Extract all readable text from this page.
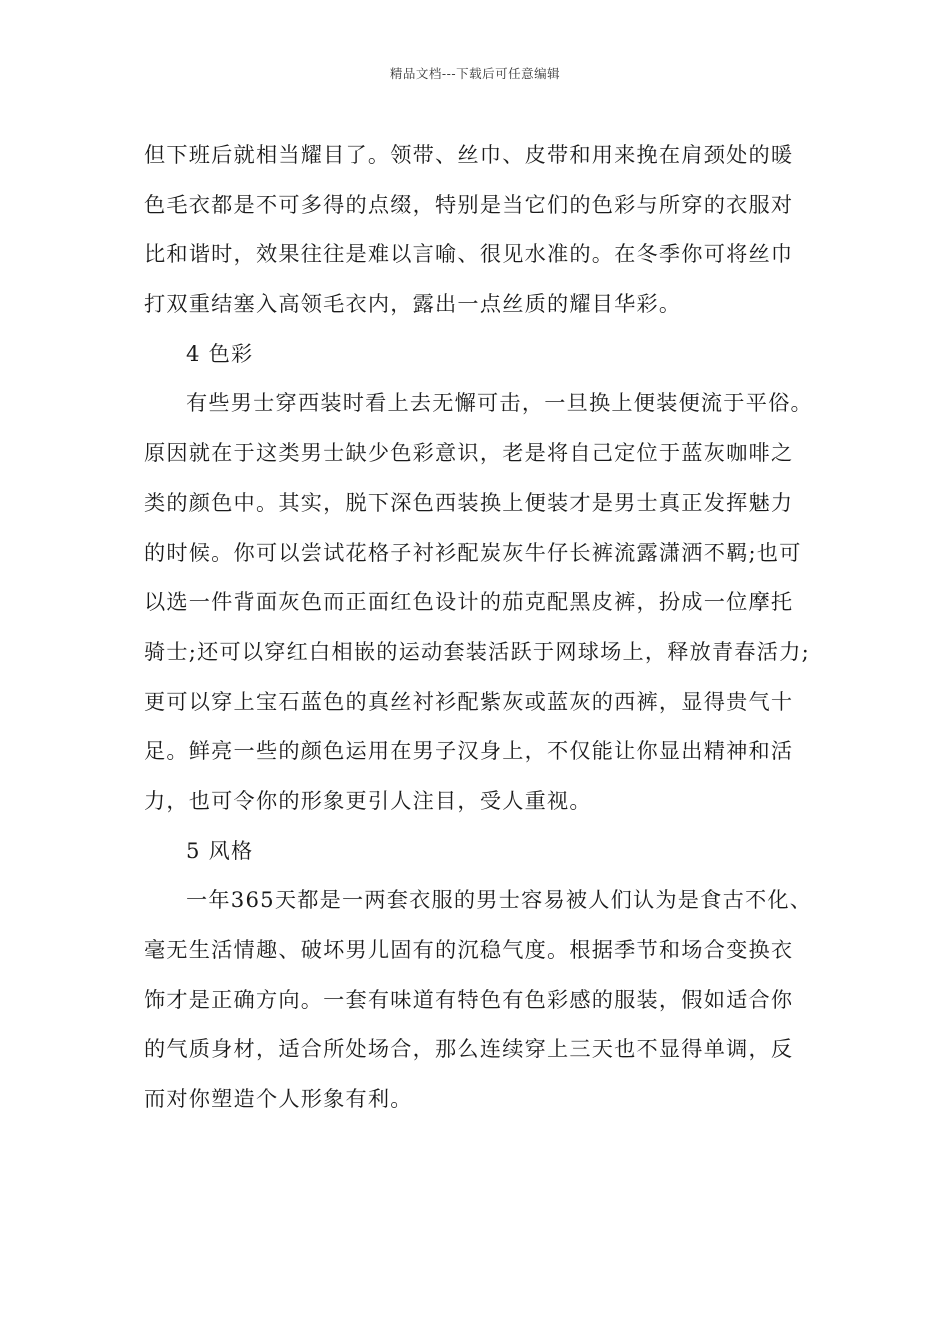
精品文档---下载后可任意编辑
但下班后就相当耀目了。领带、丝巾、皮带和用来挽在肩颈处的暖
色毛衣都是不可多得的点缀，特别是当它们的色彩与所穿的衣服对
比和谐时，效果往往是难以言喻、很见水准的。在冬季你可将丝巾
打双重结塞入高领毛衣内，露出一点丝质的耀目华彩。
4 色彩
有些男士穿西装时看上去无懈可击，一旦换上便装便流于平俗。
原因就在于这类男士缺少色彩意识，老是将自己定位于蓝灰咖啡之
类的颜色中。其实，脱下深色西装换上便装才是男士真正发挥魅力
的时候。你可以尝试花格子衬衫配炭灰牛仔长裤流露潇洒不羁;也可
以选一件背面灰色而正面红色设计的茄克配黑皮裤，扮成一位摩托
骑士;还可以穿红白相嵌的运动套装活跃于网球场上，释放青春活力;
更可以穿上宝石蓝色的真丝衬衫配紫灰或蓝灰的西裤，显得贵气十
足。鲜亮一些的颜色运用在男子汉身上，不仅能让你显出精神和活
力，也可令你的形象更引人注目，受人重视。
5 风格
一年365天都是一两套衣服的男士容易被人们认为是食古不化、
毫无生活情趣、破坏男儿固有的沉稳气度。根据季节和场合变换衣
饰才是正确方向。一套有味道有特色有色彩感的服装，假如适合你
的气质身材，适合所处场合，那么连续穿上三天也不显得单调，反
而对你塑造个人形象有利。
